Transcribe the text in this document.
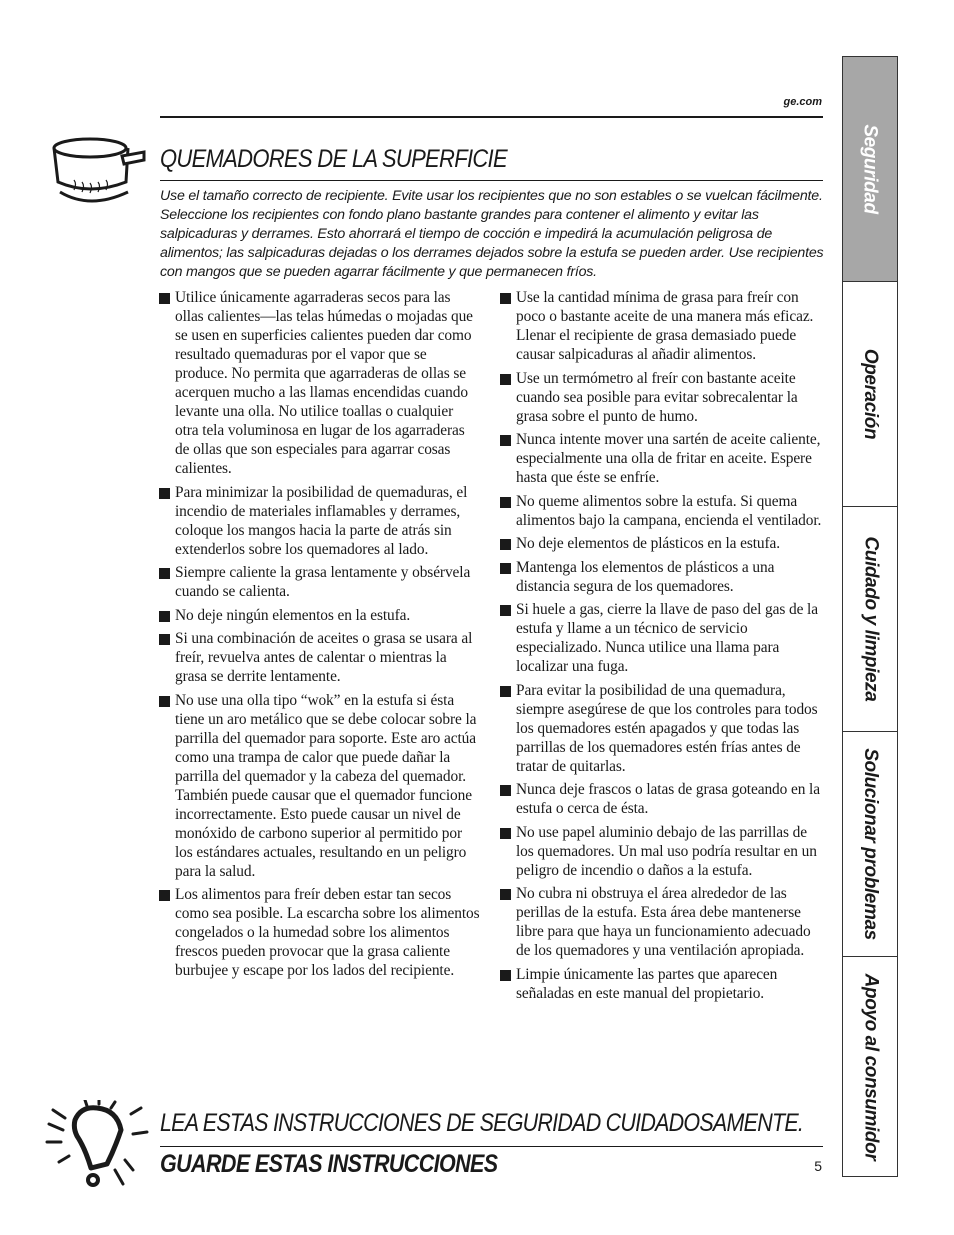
ge.com
QUEMADORES DE LA SUPERFICIE

Use el tamaño correcto de recipiente. Evite usar los recipientes que no son estables o se vuelcan fácilmente. Seleccione los recipientes con fondo plano bastante grandes para contener el alimento y evitar las salpicaduras y derrames. Esto ahorrará el tiempo de cocción e impedirá la acumulación peligrosa de alimentos; las salpicaduras dejadas o los derrames dejados sobre la estufa se pueden arder. Use recipientes con mangos que se pueden agarrar fácilmente y que permanecen fríos.

Utilice únicamente agarraderas secos para las ollas calientes—las telas húmedas o mojadas que se usen en superficies calientes pueden dar como resultado quemaduras por el vapor que se produce. No permita que agarraderas de ollas se acerquen mucho a las llamas encendidas cuando levante una olla. No utilice toallas o cualquier otra tela voluminosa en lugar de los agarraderas de ollas que son especiales para agarrar cosas calientes.
Para minimizar la posibilidad de quemaduras, el incendio de materiales inflamables y derrames, coloque los mangos hacia la parte de atrás sin extenderlos sobre los quemadores al lado.
Siempre caliente la grasa lentamente y obsérvela cuando se calienta.
No deje ningún elementos en la estufa.
Si una combinación de aceites o grasa se usara al freír, revuelva antes de calentar o mientras la grasa se derrite lentamente.
No use una olla tipo “wok” en la estufa si ésta tiene un aro metálico que se debe colocar sobre la parrilla del quemador para soporte. Este aro actúa como una trampa de calor que puede dañar la parrilla del quemador y la cabeza del quemador. También puede causar que el quemador funcione incorrectamente. Esto puede causar un nivel de monóxido de carbono superior al permitido por los estándares actuales, resultando en un peligro para la salud.
Los alimentos para freír deben estar tan secos como sea posible. La escarcha sobre los alimentos congelados o la humedad sobre los alimentos frescos pueden provocar que la grasa caliente burbujee y escape por los lados del recipiente.
Use la cantidad mínima de grasa para freír con poco o bastante aceite de una manera más eficaz. Llenar el recipiente de grasa demasiado puede causar salpicaduras al añadir alimentos.
Use un termómetro al freír con bastante aceite cuando sea posible para evitar sobrecalentar la grasa sobre el punto de humo.
Nunca intente mover una sartén de aceite caliente, especialmente una olla de fritar en aceite. Espere hasta que éste se enfríe.
No queme alimentos sobre la estufa. Si quema alimentos bajo la campana, encienda el ventilador.
No deje elementos de plásticos en la estufa.
Mantenga los elementos de plásticos a una distancia segura de los quemadores.
Si huele a gas, cierre la llave de paso del gas de la estufa y llame a un técnico de servicio especializado. Nunca utilice una llama para localizar una fuga.
Para evitar la posibilidad de una quemadura, siempre asegúrese de que los controles para todos los quemadores estén apagados y que todas las parrillas de los quemadores estén frías antes de tratar de quitarlas.
Nunca deje frascos o latas de grasa goteando en la estufa o cerca de ésta.
No use papel aluminio debajo de las parrillas de los quemadores. Un mal uso podría resultar en un peligro de incendio o daños a la estufa.
No cubra ni obstruya el área alrededor de las perillas de la estufa. Esta área debe mantenerse libre para que haya un funcionamiento adecuado de los quemadores y una ventilación apropiada.
Limpie únicamente las partes que aparecen señaladas en este manual del propietario.
LEA ESTAS INSTRUCCIONES DE SEGURIDAD CUIDADOSAMENTE.
GUARDE ESTAS INSTRUCCIONES	5
Seguridad
Operación
Cuidado y limpieza
Solucionar problemas
Apoyo al consumidor
